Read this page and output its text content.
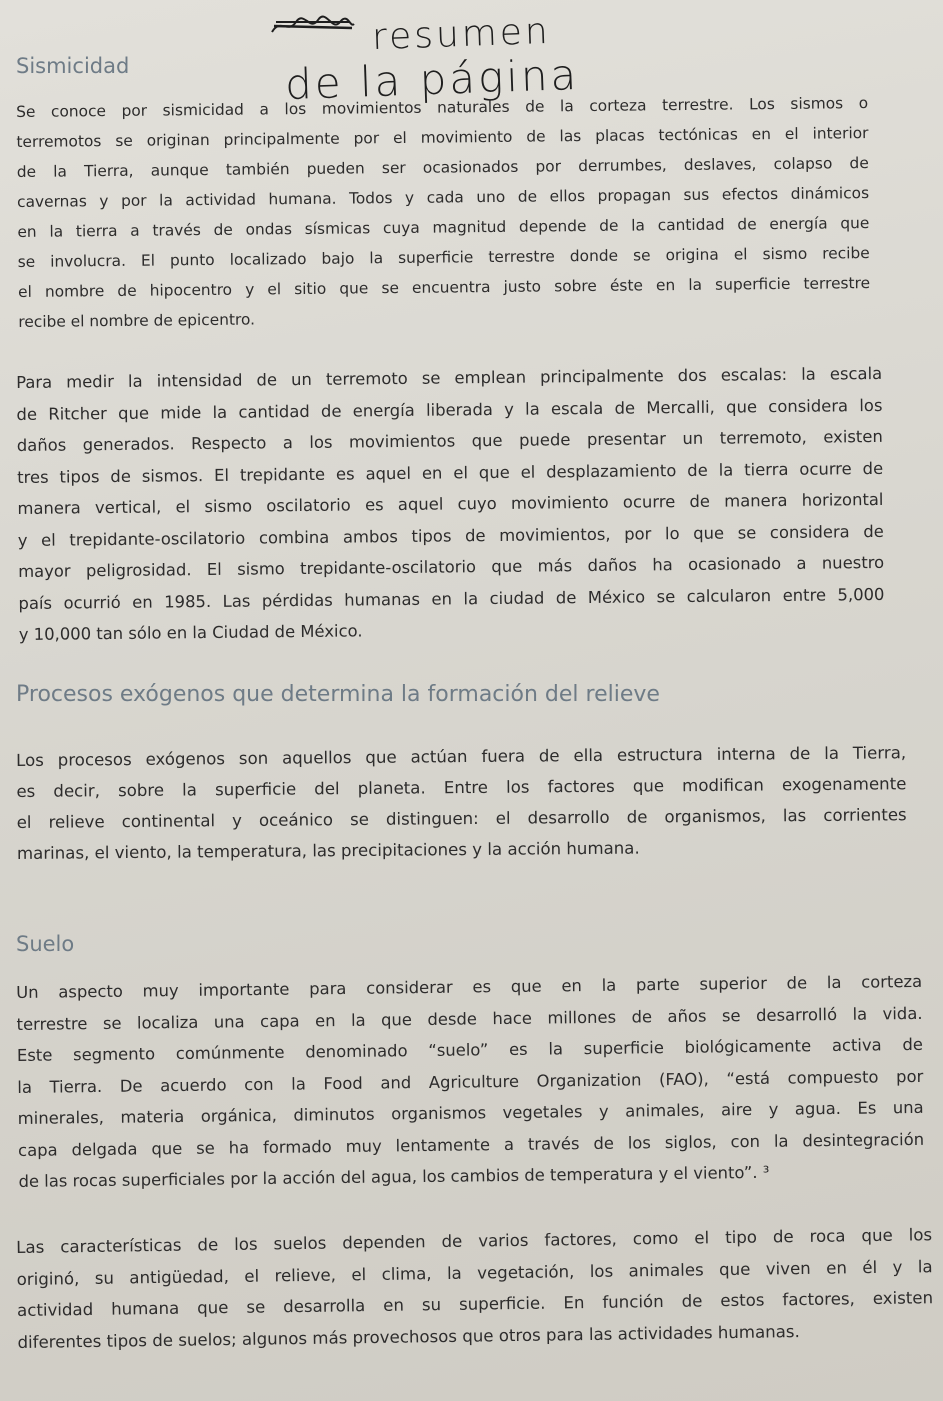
resumen
de la página
Sismicidad

Se conoce por sismicidad a los movimientos naturales de la corteza terrestre. Los sismos o
terremotos se originan principalmente por el movimiento de las placas tectónicas en el interior
de la Tierra, aunque también pueden ser ocasionados por derrumbes, deslaves, colapso de
cavernas y por la actividad humana. Todos y cada uno de ellos propagan sus efectos dinámicos
en la tierra a través de ondas sísmicas cuya magnitud depende de la cantidad de energía que
se involucra. El punto localizado bajo la superficie terrestre donde se origina el sismo recibe
el nombre de hipocentro y el sitio que se encuentra justo sobre éste en la superficie terrestre
recibe el nombre de epicentro.

Para medir la intensidad de un terremoto se emplean principalmente dos escalas: la escala
de Ritcher que mide la cantidad de energía liberada y la escala de Mercalli, que considera los
daños generados. Respecto a los movimientos que puede presentar un terremoto, existen
tres tipos de sismos. El trepidante es aquel en el que el desplazamiento de la tierra ocurre de
manera vertical, el sismo oscilatorio es aquel cuyo movimiento ocurre de manera horizontal
y el trepidante-oscilatorio combina ambos tipos de movimientos, por lo que se considera de
mayor peligrosidad. El sismo trepidante-oscilatorio que más daños ha ocasionado a nuestro
país ocurrió en 1985. Las pérdidas humanas en la ciudad de México se calcularon entre 5,000
y 10,000 tan sólo en la Ciudad de México.

Procesos exógenos que determina la formación del relieve

Los procesos exógenos son aquellos que actúan fuera de ella estructura interna de la Tierra,
es decir, sobre la superficie del planeta. Entre los factores que modifican exogenamente
el relieve continental y oceánico se distinguen: el desarrollo de organismos, las corrientes
marinas, el viento, la temperatura, las precipitaciones y la acción humana.

Suelo

Un aspecto muy importante para considerar es que en la parte superior de la corteza
terrestre se localiza una capa en la que desde hace millones de años se desarrolló la vida.
Este segmento comúnmente denominado “suelo” es la superficie biológicamente activa de
la Tierra. De acuerdo con la Food and Agriculture Organization (FAO), “está compuesto por
minerales, materia orgánica, diminutos organismos vegetales y animales, aire y agua. Es una
capa delgada que se ha formado muy lentamente a través de los siglos, con la desintegración
de las rocas superficiales por la acción del agua, los cambios de temperatura y el viento”. ³

Las características de los suelos dependen de varios factores, como el tipo de roca que los
originó, su antigüedad, el relieve, el clima, la vegetación, los animales que viven en él y la
actividad humana que se desarrolla en su superficie. En función de estos factores, existen
diferentes tipos de suelos; algunos más provechosos que otros para las actividades humanas.
